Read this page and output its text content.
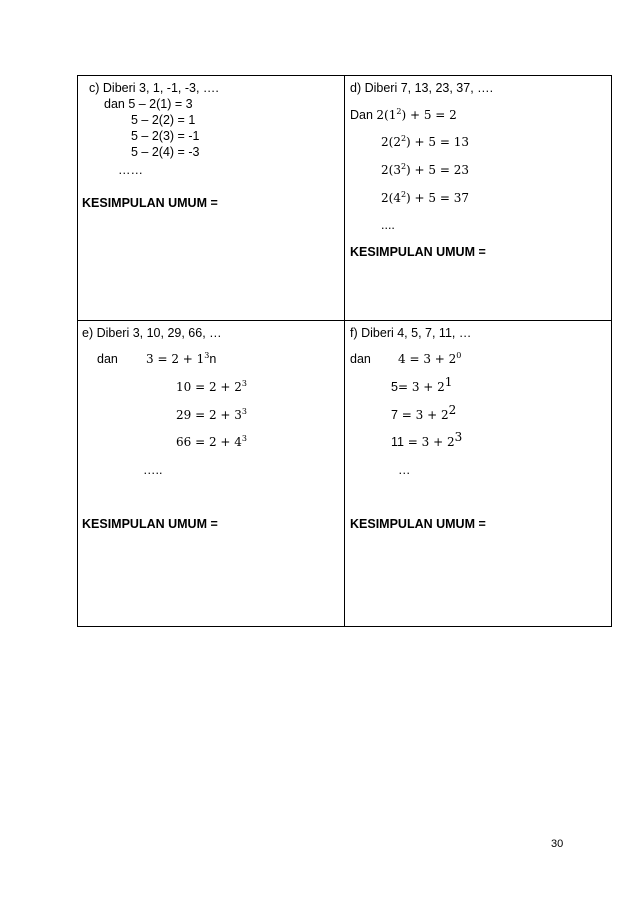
c) Diberi 3, 1, -1, -3, ….
dan 5 – 2(1) = 3
5 – 2(2) = 1
5 – 2(3) = -1
5 – 2(4) = -3
……
KESIMPULAN UMUM =
d) Diberi 7, 13, 23, 37, ….
Dan $2(1^2) + 5 = 2$
$2(2^2) + 5 = 13$
$2(3^2) + 5 = 23$
$2(4^2) + 5 = 37$
....
KESIMPULAN UMUM =
e) Diberi 3, 10, 29, 66, …
dan $3 = 2 + 1^3n$
$10 = 2 + 2^3$
$29 = 2 + 3^3$
$66 = 2 + 4^3$
…..
KESIMPULAN UMUM =
f) Diberi 4, 5, 7, 11, …
dan $4 = 3 + 2^0$
$5= 3 + 2^1$
$7 = 3 + 2^2$
$11 = 3 + 2^3$
…
KESIMPULAN UMUM =
30
